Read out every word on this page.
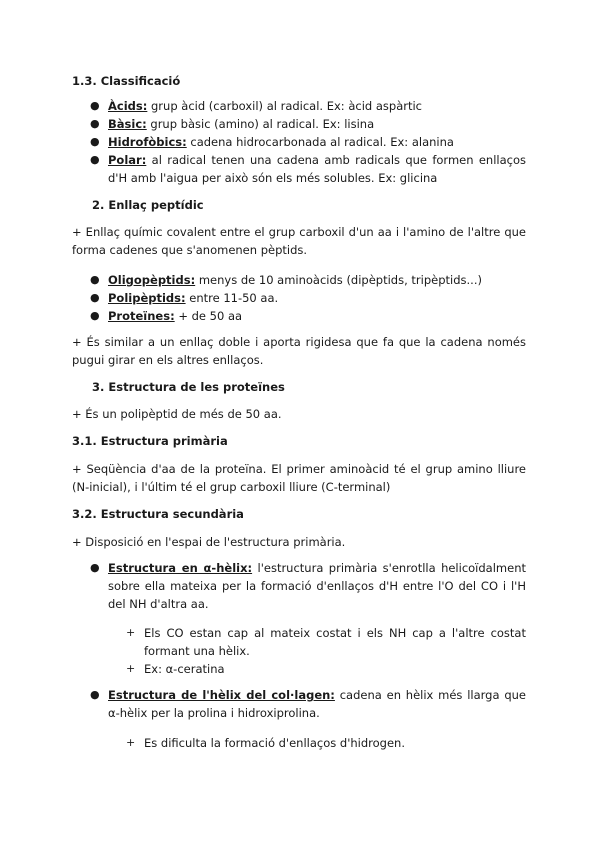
1.3. Classificació
● Àcids: grup àcid (carboxil) al radical. Ex: àcid aspàrtic
● Bàsic: grup bàsic (amino) al radical. Ex: lisina
● Hidrofòbics: cadena hidrocarbonada al radical. Ex: alanina
● Polar: al radical tenen una cadena amb radicals que formen enllaços d'H amb l'aigua per això són els més solubles. Ex: glicina
2. Enllaç peptídic
+ Enllaç químic covalent entre el grup carboxil d'un aa i l'amino de l'altre que forma cadenes que s'anomenen pèptids.
● Oligopèptids: menys de 10 aminoàcids (dipèptids, tripèptids...)
● Polipèptids: entre 11-50 aa.
● Proteïnes: + de 50 aa
+ És similar a un enllaç doble i aporta rigidesa que fa que la cadena només pugui girar en els altres enllaços.
3. Estructura de les proteïnes
+ És un polipèptid de més de 50 aa.
3.1. Estructura primària
+ Seqüència d'aa de la proteïna. El primer aminoàcid té el grup amino lliure (N-inicial), i l'últim té el grup carboxil lliure (C-terminal)
3.2. Estructura secundària
+ Disposició en l'espai de l'estructura primària.
● Estructura en α-hèlix: l'estructura primària s'enrotlla helicoïdalment sobre ella mateixa per la formació d'enllaços d'H entre l'O del CO i l'H del NH d'altra aa.
+ Els CO estan cap al mateix costat i els NH cap a l'altre costat formant una hèlix.
+ Ex: α-ceratina
● Estructura de l'hèlix del col·lagen: cadena en hèlix més llarga que α-hèlix per la prolina i hidroxiprolina.
+ Es dificulta la formació d'enllaços d'hidrogen.
